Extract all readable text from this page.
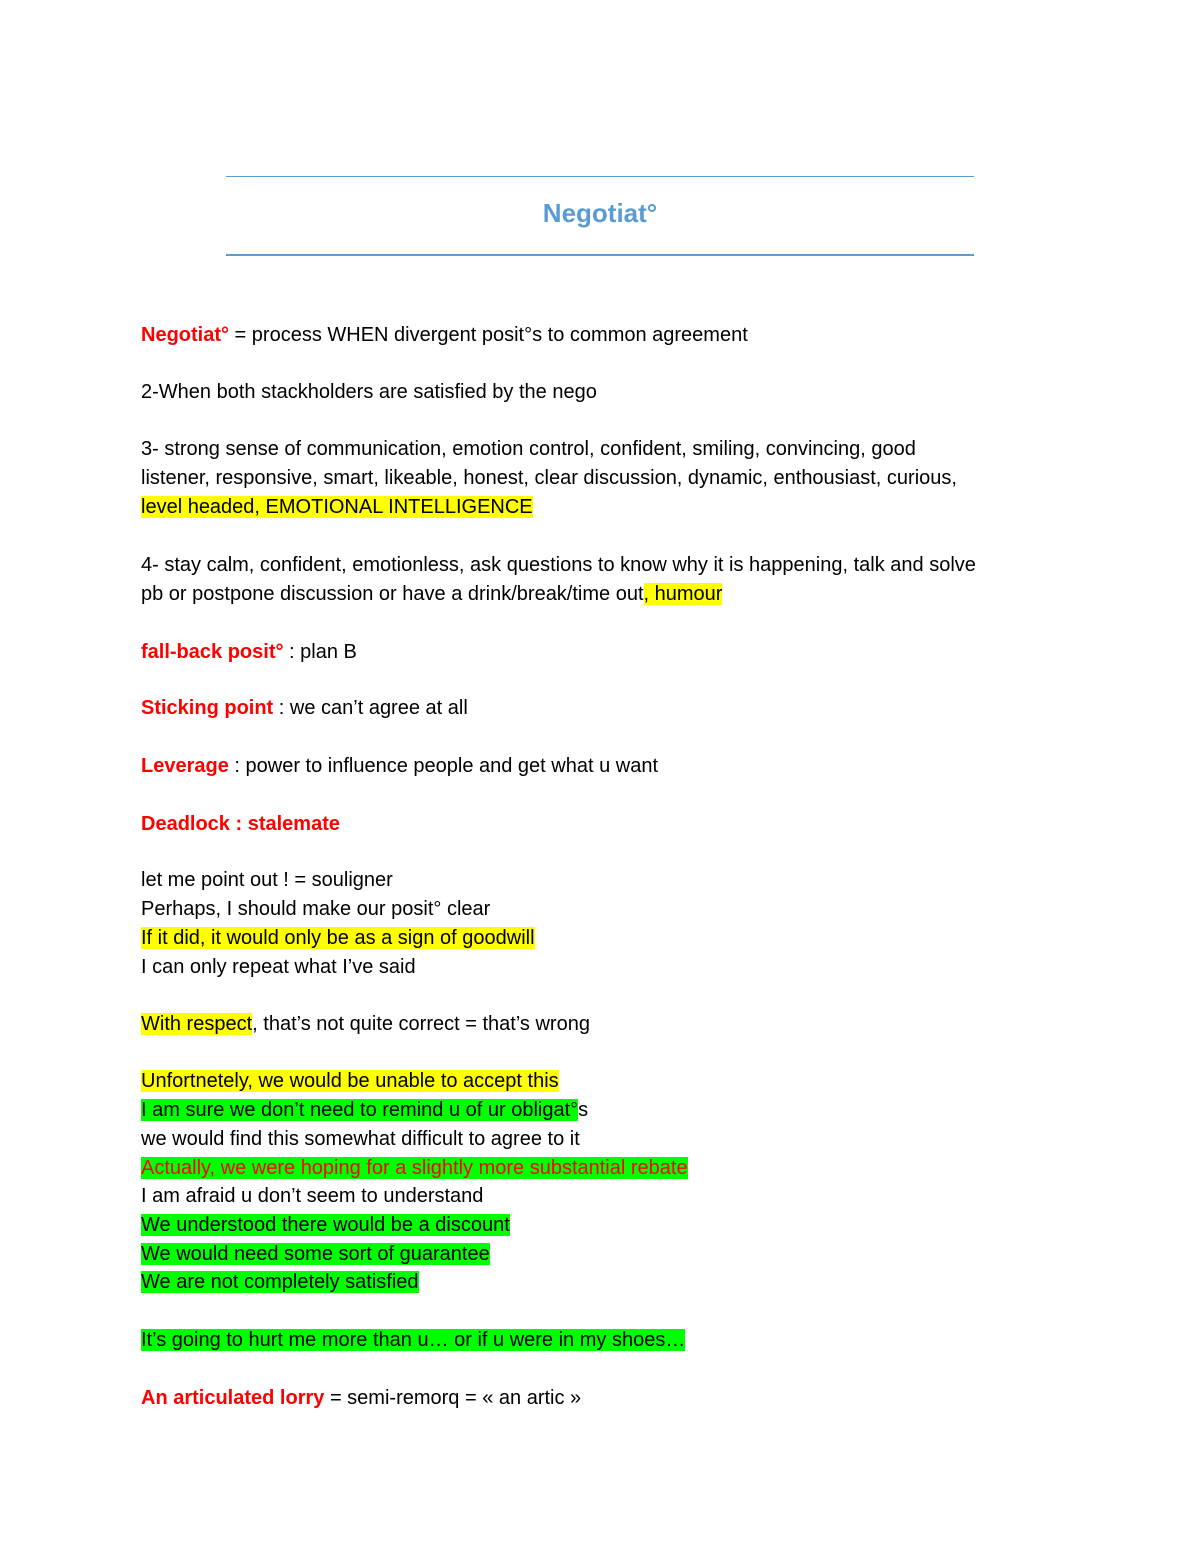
Negotiat°
Negotiat° = process WHEN divergent posit°s to common agreement
2-When both stackholders are satisfied by the nego
3- strong sense of communication, emotion control, confident, smiling, convincing, good
listener, responsive, smart, likeable, honest, clear discussion, dynamic, enthousiast, curious,
level headed, EMOTIONAL INTELLIGENCE
4- stay calm, confident, emotionless, ask questions to know why it is happening, talk and solve
pb or postpone discussion or have a drink/break/time out, humour
fall-back posit° : plan B
Sticking point : we can’t agree at all
Leverage : power to influence people and get what u want
Deadlock : stalemate
let me point out ! = souligner
Perhaps, I should make our posit° clear
If it did, it would only be as a sign of goodwill
I can only repeat what I’ve said
With respect, that’s not quite correct = that’s wrong
Unfortnetely, we would be unable to accept this
I am sure we don’t need to remind u of ur obligat°s
we would find this somewhat difficult to agree to it
Actually, we were hoping for a slightly more substantial rebate
I am afraid u don’t seem to understand
We understood there would be a discount
We would need some sort of guarantee
We are not completely satisfied
It’s going to hurt me more than u… or if u were in my shoes…
An articulated lorry = semi-remorq = « an artic »
